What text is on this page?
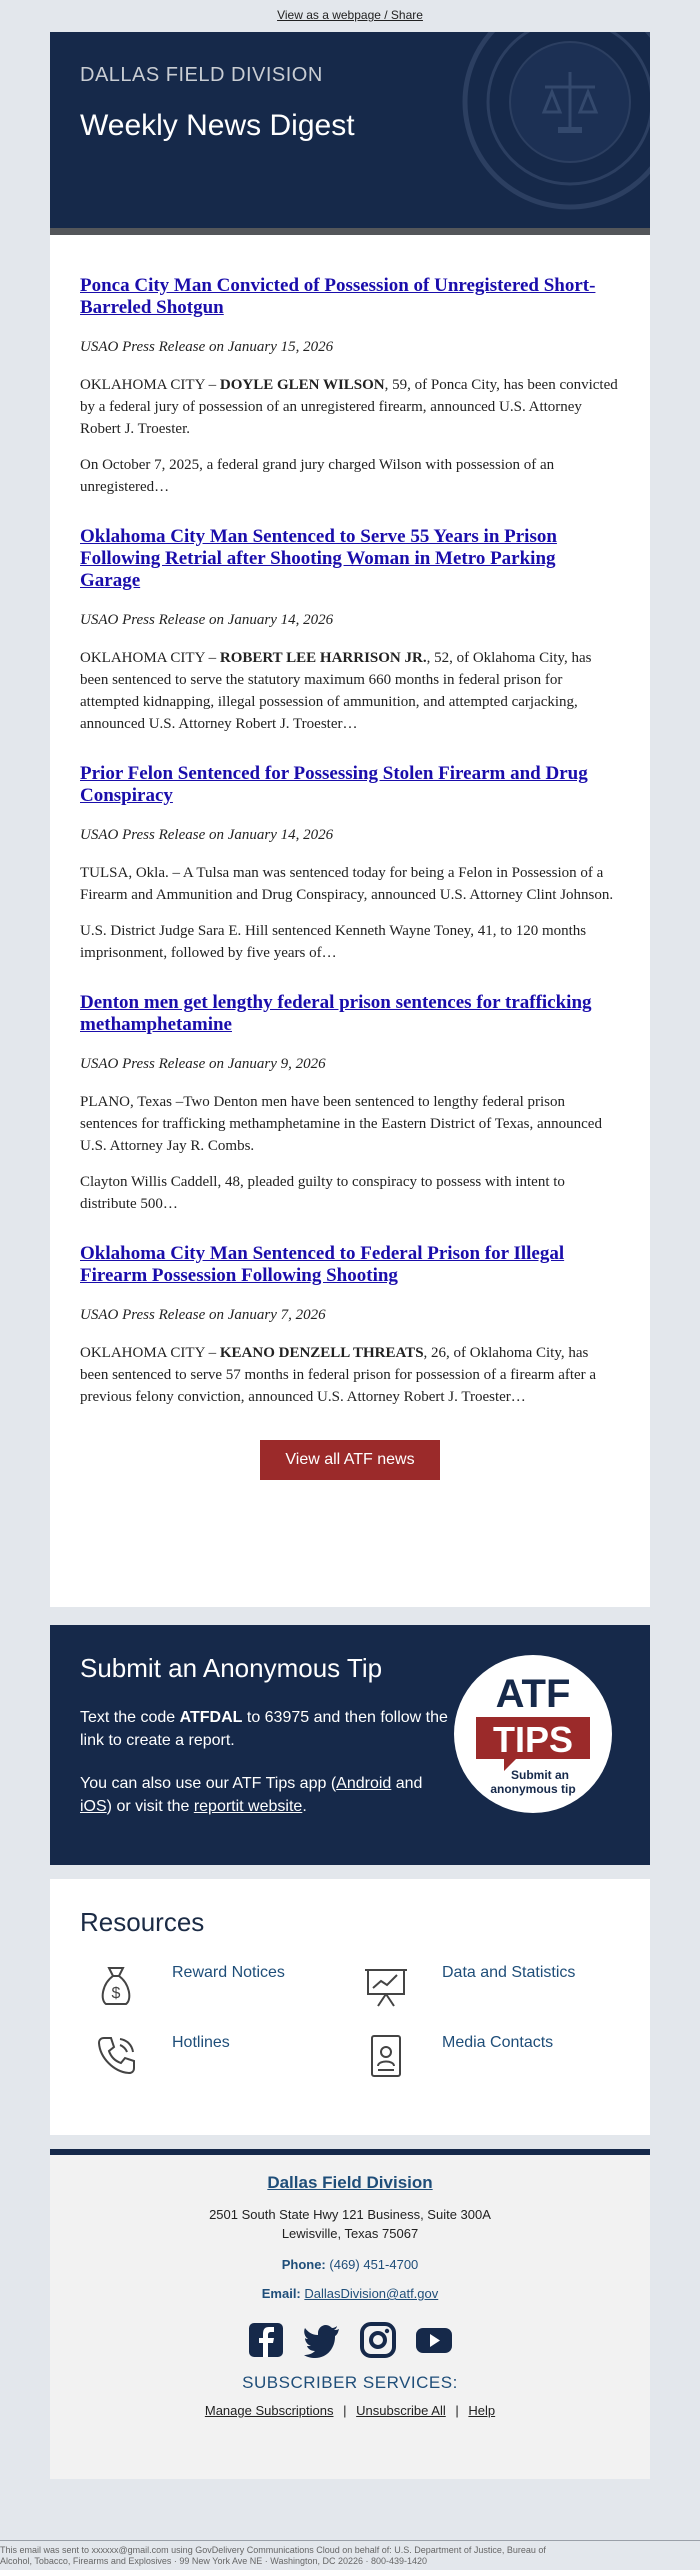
View as a webpage / Share
DALLAS FIELD DIVISION
Weekly News Digest
Ponca City Man Convicted of Possession of Unregistered Short-Barreled Shotgun
USAO Press Release on January 15, 2026

OKLAHOMA CITY – DOYLE GLEN WILSON, 59, of Ponca City, has been convicted by a federal jury of possession of an unregistered firearm, announced U.S. Attorney Robert J. Troester.

On October 7, 2025, a federal grand jury charged Wilson with possession of an unregistered…

Oklahoma City Man Sentenced to Serve 55 Years in Prison Following Retrial after Shooting Woman in Metro Parking Garage
USAO Press Release on January 14, 2026

OKLAHOMA CITY – ROBERT LEE HARRISON JR., 52, of Oklahoma City, has been sentenced to serve the statutory maximum 660 months in federal prison for attempted kidnapping, illegal possession of ammunition, and attempted carjacking, announced U.S. Attorney Robert J. Troester…

Prior Felon Sentenced for Possessing Stolen Firearm and Drug Conspiracy
USAO Press Release on January 14, 2026

TULSA, Okla. – A Tulsa man was sentenced today for being a Felon in Possession of a Firearm and Ammunition and Drug Conspiracy, announced U.S. Attorney Clint Johnson.

U.S. District Judge Sara E. Hill sentenced Kenneth Wayne Toney, 41, to 120 months imprisonment, followed by five years of…

Denton men get lengthy federal prison sentences for trafficking methamphetamine
USAO Press Release on January 9, 2026

PLANO, Texas –Two Denton men have been sentenced to lengthy federal prison sentences for trafficking methamphetamine in the Eastern District of Texas, announced U.S. Attorney Jay R. Combs.

Clayton Willis Caddell, 48, pleaded guilty to conspiracy to possess with intent to distribute 500…

Oklahoma City Man Sentenced to Federal Prison for Illegal Firearm Possession Following Shooting
USAO Press Release on January 7, 2026

OKLAHOMA CITY – KEANO DENZELL THREATS, 26, of Oklahoma City, has been sentenced to serve 57 months in federal prison for possession of a firearm after a previous felony conviction, announced U.S. Attorney Robert J. Troester…

View all ATF news
Submit an Anonymous Tip

Text the code ATFDAL to 63975 and then follow the link to create a report.

You can also use our ATF Tips app (Android and iOS) or visit the reportit website.

ATF
TIPS
Submit an
anonymous tip
Resources
$
Reward Notices	Data and Statistics
Hotlines	Media Contacts
Dallas Field Division
2501 South State Hwy 121 Business, Suite 300A
Lewisville, Texas 75067
Phone: (469) 451-4700
Email: DallasDivision@atf.gov
SUBSCRIBER SERVICES:
Manage Subscriptions | Unsubscribe All | Help
This email was sent to xxxxxx@gmail.com using GovDelivery Communications Cloud on behalf of: U.S. Department of Justice, Bureau of
Alcohol, Tobacco, Firearms and Explosives · 99 New York Ave NE · Washington, DC 20226 · 800-439-1420
